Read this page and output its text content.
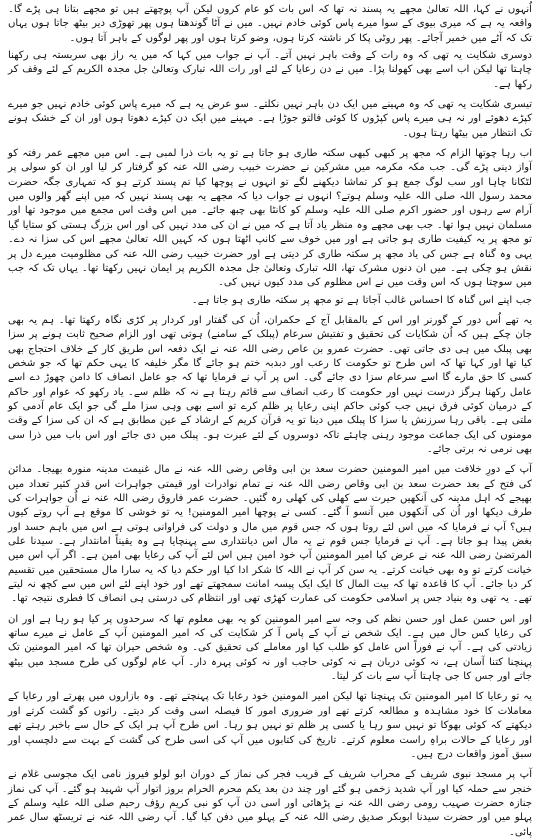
اُنہوں نے کہا، اللہ تعالیٰ مجھے یہ پسند نہ تھا کہ اس بات کو عام کروں لیکن آپ پوچھتے ہیں تو مجھے بتانا ہی پڑے گا۔ واقعہ یہ ہے کہ میری بیوی کے سوا میرے پاس کوئی خادم نہیں۔ میں نے آٹا گوندھتا ہوں پھر تھوڑی دیر بیٹھ جاتا ہوں یہاں تک کہ آٹے میں خمیر آجائے۔ پھر روٹی پکا کر ناشتہ کرتا ہوں، وضو کرتا ہوں اور پھر لوگوں کے باہر آتا ہوں۔

دوسری شکایت یہ تھی کہ وہ رات کے وقت باہر نہیں آتے۔ آپ نے جواب میں کہا کہ میں یہ راز بھی سربستہ ہی رکھنا چاہتا تھا لیکن اب اسے بھی کھولنا پڑا۔ میں نے دن رعایا کے لئے اور رات اللہ تبارک وتعالیٰ جل مجدہ الکریم کے لئے وقف کر رکھا ہے۔

تیسری شکایت یہ تھی کہ وہ مہینے میں ایک دن باہر نہیں نکلتے۔ سو عرض یہ ہے کہ میرے پاس کوئی خادم نہیں جو میرے کپڑے دھوئے اور نہ ہی میرے پاس کپڑوں کا کوئی فالتو جوڑا ہے۔ مہینے میں ایک دن کپڑے دھوتا ہوں اور ان کے خشک ہونے تک انتظار میں بیٹھا رہتا ہوں۔

اب رہا چوتھا الزام کہ مجھ پر کبھی کبھی سکتہ طاری ہو جاتا ہے تو یہ بات ذرا لمبی ہے۔ اس میں مجھے عمر رفتہ کو آواز دینی پڑے گی۔ جب مکہ مکرمہ میں مشرکین نے حضرت خبیب رضی اللہ عنہ کو گرفتار کر لیا اور ان کو سولی پر لٹکانا چاہا اور سب لوگ جمع ہو کر تماشا دیکھنے لگے تو انہوں نے پوچھا کیا تم پسند کرتے ہو کہ تمہاری جگہ حضرت محمد رسول اللہ صلی اللہ علیہ وسلم ہوتے؟ انہوں نے جواب دیا کہ مجھے یہ بھی پسند نہیں کہ میں اپنے گھر والوں میں آرام سے رہوں اور حضور اکرم صلی اللہ علیہ وسلم کو کانٹا بھی چبھ جائے۔ میں اس وقت اس مجمع میں موجود تھا اور مسلمان نہیں ہوا تھا۔ جب بھی مجھے وہ منظر یاد آتا ہے کہ میں نے ان کی مدد نہیں کی اور اس بزرگ ہستی کو ستایا گیا تو مجھ پر یہ کیفیت طاری ہو جاتی ہے اور میں خوف سے کانپ اٹھتا ہوں کہ کہیں اللہ تعالیٰ مجھے اس کی سزا نہ دے۔ یہی وہ گناہ ہے جس کی یاد مجھ پر سکتہ طاری کر دیتی ہے اور حضرت خبیب رضی اللہ عنہ کی مظلومیت میرے دل پر نقش ہو چکی ہے۔ میں ان دنوں مشرک تھا، اللہ تبارک وتعالیٰ جل مجدہ الکریم پر ایمان نہیں رکھتا تھا۔ یہاں تک کہ جب میں سوچتا ہوں کہ اس وقت میں نے اس مظلوم کی مدد کیوں نہیں کی۔

جب اپنے اس گناہ کا احساس غالب آجاتا ہے تو مجھ پر سکتہ طاری ہو جاتا ہے۔

یہ تھے اُس دور کے گورنر اور اس کے بالمقابل آج کے حکمران، اُن کی گفتار اور کردار پر کڑی نگاہ رکھتا تھا۔ ہم یہ بھی جان چکے ہیں کہ اُن شکایات کی تحقیق و تفتیش سرعام (پبلک کے سامنے) ہوتی تھی اور الزام صحیح ثابت ہونے پر سزا بھی پبلک میں ہی دی جاتی تھی۔ حضرت عمرو بن عاص رضی اللہ عنہ نے ایک دفعہ اس طریق کار کے خلاف احتجاج بھی کیا تھا اور کہا تھا کہ اس طرح تو حکومت کا رعب اور دبدبہ ختم ہو جائے گا مگر خلیفہ کا یہی حکم تھا کہ جو شخص کسی کا حق مارے گا اسے سرعام سزا دی جائے گی۔ اس پر آپ نے فرمایا تھا کہ جو عامل انصاف کا دامن چھوڑ دے اسے عامل رکھنا ہرگز درست نہیں اور حکومت کا رعب انصاف سے قائم رہتا ہے نہ کہ ظلم سے۔ یاد رکھو کہ عوام اور حاکم کے درمیان کوئی فرق نہیں جب کوئی حاکم اپنی رعایا پر ظلم کرے تو اسے بھی وہی سزا ملے گی جو ایک عام آدمی کو ملتی ہے۔ باقی رہا سرزنش یا سزا کا پبلک میں دینا تو یہ قرآن کریم کے ارشاد کے عین مطابق ہے کہ ان کی سزا کے وقت مومنوں کی ایک جماعت موجود رہنی چاہئے تاکہ دوسروں کے لئے عبرت ہو۔ پبلک میں دی جائے اور اس باب میں ذرا سی بھی نرمی نہ برتی جائے۔

آپ کے دورِ خلافت میں امیر المومنین حضرت سعد بن ابی وقاص رضی اللہ عنہ نے مال غنیمت مدینہ منورہ بھیجا۔ مدائن کی فتح کے بعد حضرت سعد بن ابی وقاص رضی اللہ عنہ نے تمام نوادرات اور قیمتی جواہرات اس قدر کثیر تعداد میں بھیجے کہ اہل مدینہ کی آنکھیں حیرت سے کھلی کی کھلی رہ گئیں۔ حضرت عمر فاروق رضی اللہ عنہ نے اُن جواہرات کی طرف دیکھا اور اُن کی آنکھوں میں آنسو آ گئے۔ کسی نے پوچھا امیر المومنین! یہ تو خوشی کا موقع ہے آپ روتے کیوں ہیں؟ آپ نے فرمایا کہ میں اس لئے روتا ہوں کہ جس قوم میں مال و دولت کی فراوانی ہوتی ہے اس میں باہم حسد اور بغض پیدا ہو جاتا ہے۔ آپ نے فرمایا جس قوم نے یہ مال اس دیانتداری سے پہنچایا ہے وہ یقیناً امانتدار ہے۔ سیدنا علی المرتضیٰ رضی اللہ عنہ نے عرض کیا امیر المومنین آپ خود امین ہیں اس لئے آپ کی رعایا بھی امین ہے۔ اگر آپ اس میں خیانت کرتے تو وہ بھی خیانت کرتے۔ یہ سن کر آپ نے اللہ کا شکر ادا کیا اور حکم دیا کہ یہ سارا مال مستحقین میں تقسیم کر دیا جائے۔ آپ کا قاعدہ تھا کہ بیت المال کا ایک ایک پیسہ امانت سمجھتے تھے اور خود اپنے لئے اس میں سے کچھ نہ لیتے تھے۔ یہ تھی وہ بنیاد جس پر اسلامی حکومت کی عمارت کھڑی تھی اور انتظام کی درستی ہی انصاف کا فطری نتیجہ تھا۔

اور اس حسن عمل اور حسن نظم کی وجہ سے امیر المومنین کو یہ بھی معلوم تھا کہ سرحدوں پر کیا ہو رہا ہے اور ان کی رعایا کس حال میں ہے۔ ایک شخص نے آپ کے پاس آ کر شکایت کی کہ امیر المومنین آپ کے عامل نے میرے ساتھ زیادتی کی ہے۔ آپ نے فوراً اس عامل کو طلب کیا اور معاملے کی تحقیق کی۔ وہ شخص حیران تھا کہ امیر المومنین تک پہنچنا کتنا آسان ہے، نہ کوئی دربان ہے نہ کوئی حاجب اور نہ کوئی پہرہ دار۔ آپ عام لوگوں کی طرح مسجد میں بیٹھ جاتے اور جس کا جی چاہتا آپ سے بات کر لیتا۔

یہ تو رعایا کا امیر المومنین تک پہنچنا تھا لیکن امیر المومنین خود رعایا تک پہنچتے تھے۔ وہ بازاروں میں پھرتے اور رعایا کے معاملات کا خود مشاہدہ و مطالعہ کرتے تھے اور ضروری امور کا فیصلہ اسی وقت کر دیتے۔ راتوں کو گشت کرتے اور دیکھتے کہ کوئی بھوکا تو نہیں سو رہا یا کسی پر ظلم تو نہیں ہو رہا۔ اس طرح آپ ہر ایک کے حال سے باخبر رہتے تھے اور رعایا کے حالات براہِ راست معلوم کرتے۔ تاریخ کی کتابوں میں آپ کی اسی طرح کی گشت کے بہت سے دلچسپ اور سبق آموز واقعات درج ہیں۔

آپ پر مسجد نبوی شریف کے محراب شریف کے قریب فجر کی نماز کے دوران ابو لولو فیروز نامی ایک مجوسی غلام نے خنجر سے حملہ کیا اور آپ شدید زخمی ہو گئے اور چند دن بعد یکم محرم الحرام بروز اتوار آپ شہید ہو گئے۔ آپ کی نماز جنازہ حضرت صہیب رومی رضی اللہ عنہ نے پڑھائی اور اسی دن آپ کو نبی کریم رؤف رحیم صلی اللہ علیہ وسلم کے پہلو میں اور حضرت سیدنا ابوبکر صدیق رضی اللہ عنہ کے پہلو میں دفن کیا گیا۔ آپ رضی اللہ عنہ نے تریسٹھ سال عمر پائی۔
